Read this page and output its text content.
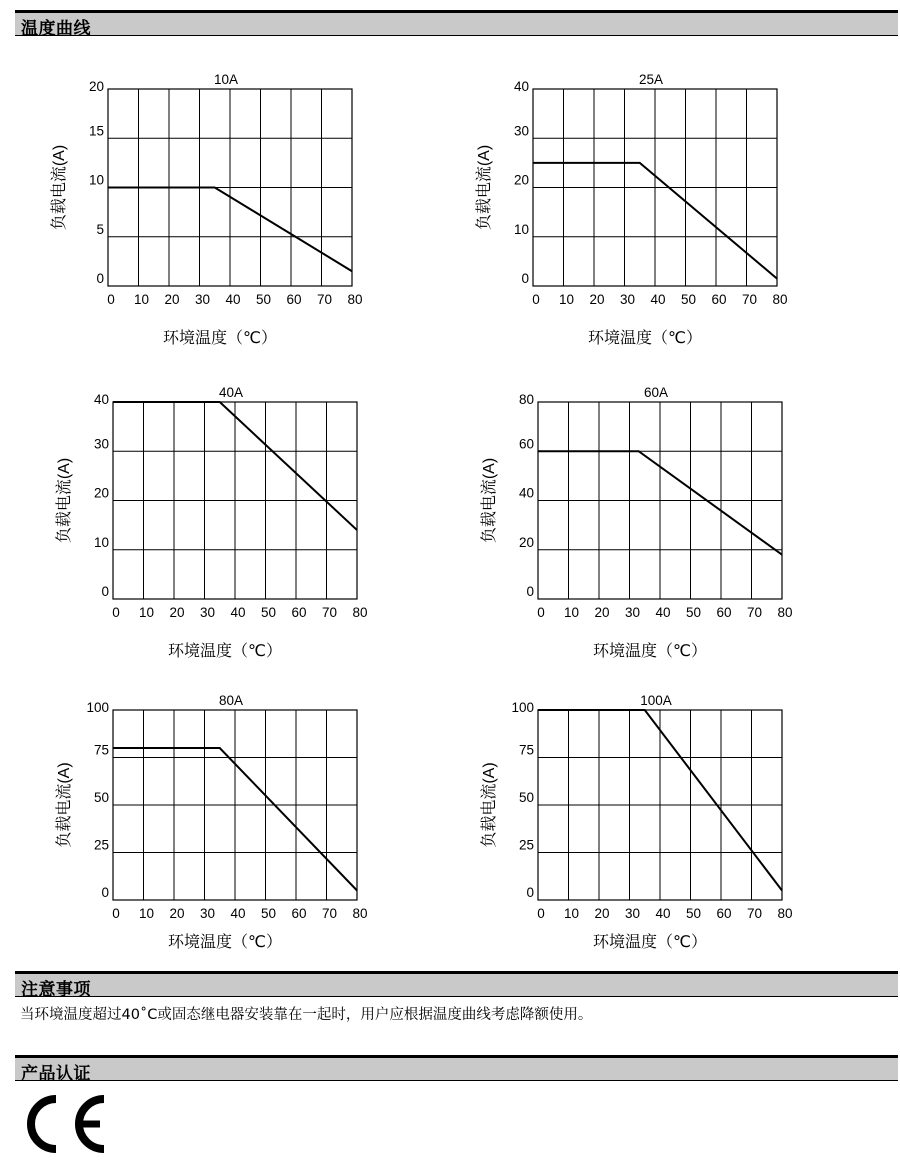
温度曲线
0 10 20 30 40 50 60 70 80
0
5
10
15
20	10A
负载电流(A)
环境温度（℃）
0 10 20 30 40 50 60 70 80
0
10
20
30
40	25A
负载电流(A)
环境温度（℃）
0 10 20 30 40 50 60 70 80
0
10
20
30
40	40A
负载电流(A)
环境温度（℃）
0 10 20 30 40 50 60 70 80
0
20
40
60
80	60A
负载电流(A)
环境温度（℃）
0 10 20 30 40 50 60 70 80
0
25
50
75
100	80A
负载电流(A)
环境温度（℃）
0 10 20 30 40 50 60 70 80
0
25
50
75
100	100A
负载电流(A)
环境温度（℃）
注意事项
当环境温度超过40˚C或固态继电器安装靠在一起时，用户应根据温度曲线考虑降额使用。
产品认证
